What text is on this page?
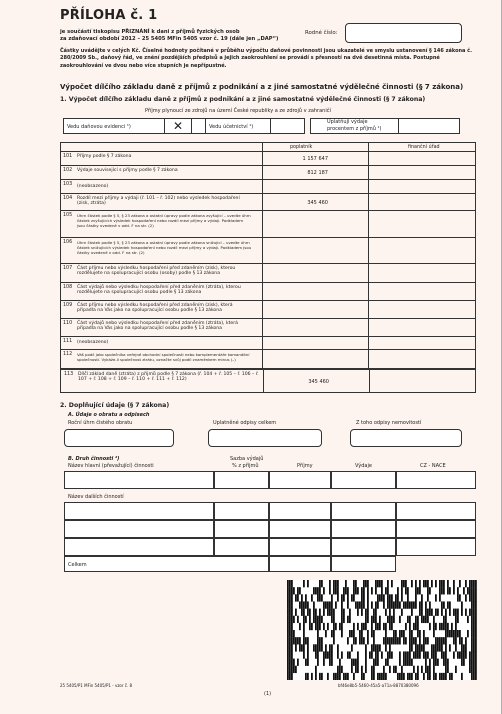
PŘÍLOHA č. 1
je součástí tiskopisu PŘIZNÁNÍ k dani z příjmů fyzických osob
za zdaňovací období 2012 – 25 5405 MFin 5405 vzor č. 19 (dále jen „DAP“)
Částky uvádějte v celých Kč. Číselné hodnoty počítané v průběhu výpočtu daňové povinnosti jsou ukazatelé ve smyslu ustanovení § 146 zákona č. 280/2009 Sb., daňový řád, ve znění pozdějších předpisů a jejich zaokrouhlení se provádí s přesností na dvě desetinná místa. Postupné zaokrouhlování ve dvou nebo více stupních je nepřípustné.
Rodné číslo:
Výpočet dílčího základu daně z příjmů z podnikání a z jiné samostatné výdělečné činnosti (§ 7 zákona)
1. Výpočet dílčího základu daně z příjmů z podnikání a z jiné samostatné výdělečné činnosti (§ 7 zákona)
Příjmy plynoucí ze zdrojů na území České republiky a ze zdrojů v zahraničí
Vedu daňovou evidenci ¹)	✕	Vedu účetnictví ¹)
Uplatňuji výdaje
procentem z příjmů ¹)
poplatník	finanční úřad
101 Příjmy podle § 7 zákona	1 157 647
102 Výdaje související s příjmy podle § 7 zákona	812 187
103 (neobsazeno)
104 Rozdíl mezi příjmy a výdaji (ř. 101 – ř. 102) nebo výsledek hospodaření (zisk, ztráta)	345 460
105 Úhrn částek podle § 5, § 23 zákona a ostatní úpravy podle zákona zvyšující – uvedte úhrn částek zvyšujících výsledek hospodaření nebo rozdíl mezi příjmy a výdaji. Podkladem jsou částky uvedené v odd. F na str. (2)
106 Úhrn částek podle § 5, § 23 zákona a ostatní úpravy podle zákona snižující – uvedte úhrn částek snižujících výsledek hospodaření nebo rozdíl mezi příjmy a výdaji. Podkladem jsou částky uvedené v odd. F na str. (2)
107 Část příjmu nebo výsledku hospodaření před zdaněním (zisk), kterou rozdělujete na spolupracující osobu (osoby) podle § 13 zákona
108 Část výdajů nebo výsledku hospodaření před zdaněním (ztráta), kterou rozdělujete na spolupracující osobu podle § 13 zákona
109 Část příjmu nebo výsledku hospodaření před zdaněním (zisk), která připadla na Vás jako na spolupracující osobu podle § 13 zákona
110 Část výdajů nebo výsledku hospodaření před zdaněním (ztráta), která připadla na Vás jako na spolupracující osobu podle § 13 zákona
111 (neobsazeno)
112 Váš podíl jako společníka veřejné obchodní společnosti nebo komplementáře komanditní společnosti. Vykáže-li společnost ztrátu, označte svůj podíl znaménkem minus (–)
113 Dílčí základ daně (ztráta) z příjmů podle § 7 zákona (ř. 104 + ř. 105 – ř. 106 – ř. 107 + ř. 108 + ř. 109 – ř. 110 + ř. 111 + ř. 112)	345 460
2. Doplňující údaje (§ 7 zákona)
A. Údaje o obratu a odpisech
Roční úhrn čistého obratu	Uplatněné odpisy celkem	Z toho odpisy nemovitostí
B. Druh činnosti ²)
Název hlavní (převažující) činnosti
Sazba výdajů
% z příjmů	Příjmy	Výdaje	CZ - NACE
Název dalších činností
Celkem
bf46e8b5-5460-45a5-a71a-8870380096
25 5405/P1 MFin 5405/P1 - vzor č. 8
(1)
